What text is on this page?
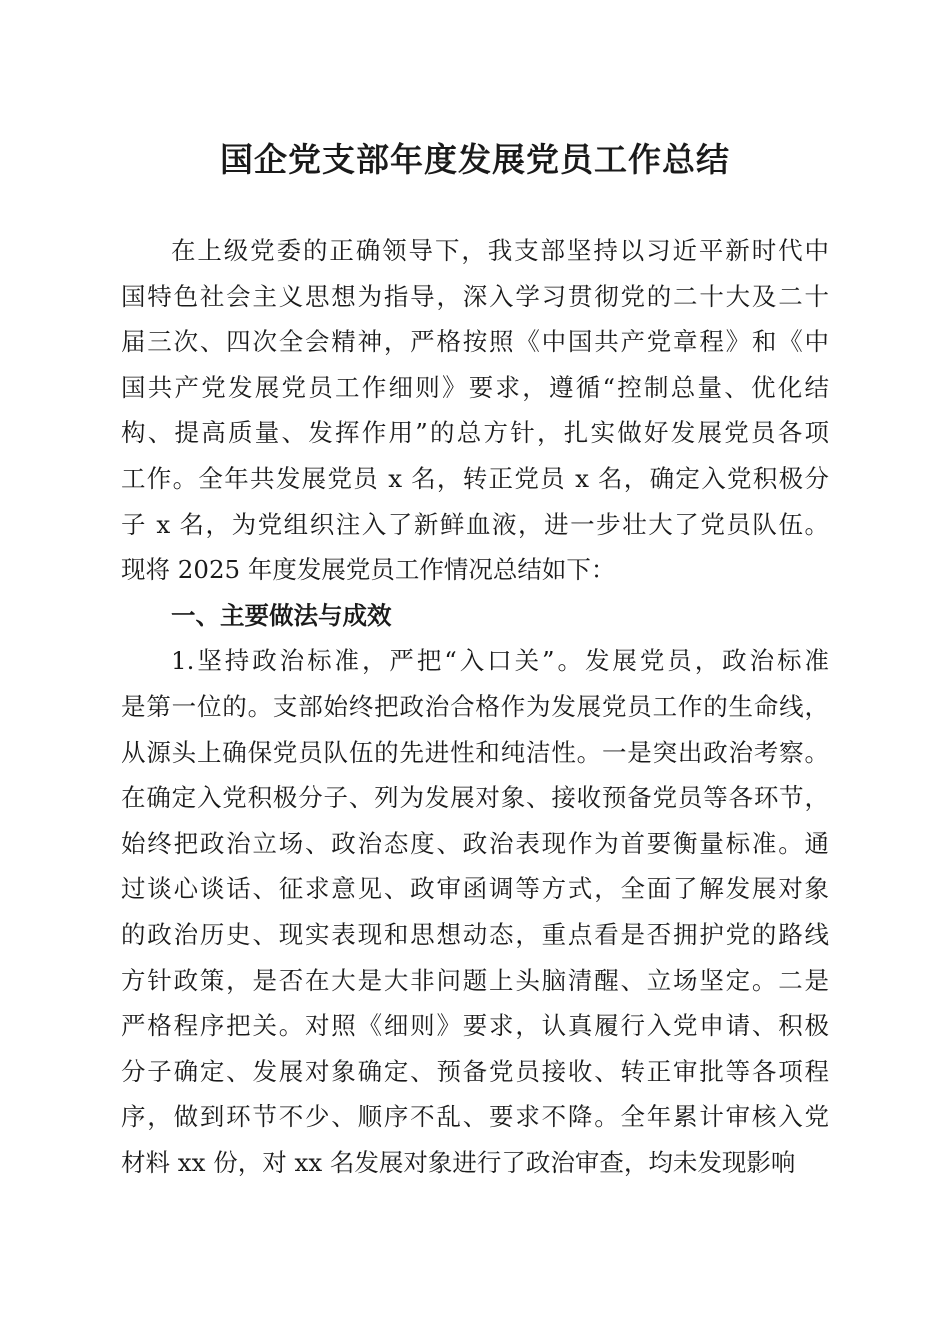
国企党支部年度发展党员工作总结
在上级党委的正确领导下，我支部坚持以习近平新时代中
国特色社会主义思想为指导，深入学习贯彻党的二十大及二十
届三次、四次全会精神，严格按照《中国共产党章程》和《中
国共产党发展党员工作细则》要求，遵循“控制总量、优化结
构、提高质量、发挥作用”的总方针，扎实做好发展党员各项
工作。全年共发展党员 x 名，转正党员 x 名，确定入党积极分
子 x 名，为党组织注入了新鲜血液，进一步壮大了党员队伍。
现将 2025 年度发展党员工作情况总结如下：
一、主要做法与成效
1.坚持政治标准，严把“入口关”。发展党员，政治标准
是第一位的。支部始终把政治合格作为发展党员工作的生命线，
从源头上确保党员队伍的先进性和纯洁性。一是突出政治考察。
在确定入党积极分子、列为发展对象、接收预备党员等各环节，
始终把政治立场、政治态度、政治表现作为首要衡量标准。通
过谈心谈话、征求意见、政审函调等方式，全面了解发展对象
的政治历史、现实表现和思想动态，重点看是否拥护党的路线
方针政策，是否在大是大非问题上头脑清醒、立场坚定。二是
严格程序把关。对照《细则》要求，认真履行入党申请、积极
分子确定、发展对象确定、预备党员接收、转正审批等各项程
序，做到环节不少、顺序不乱、要求不降。全年累计审核入党
材料 xx 份，对 xx 名发展对象进行了政治审查，均未发现影响
